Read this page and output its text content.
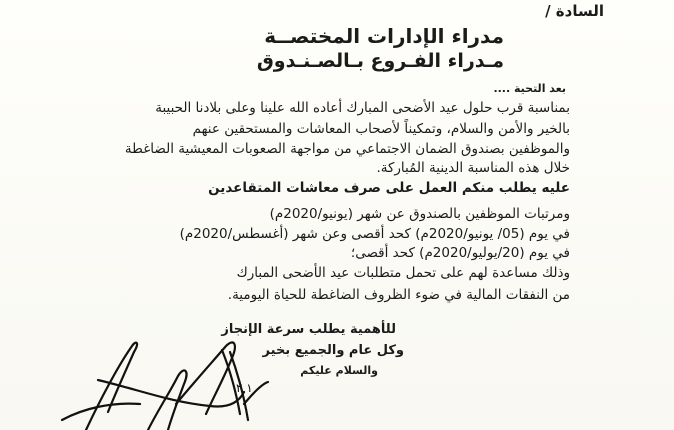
السادة /
مدراء الإدارات المختصــة
مـدراء الفـروع بـالصـنـدوق
بعد التحية ....
بمناسبة قرب حلول عيد الأضحى المبارك أعاده الله علينا وعلى بلادنا الحبيبة
بالخير والأمن والسلام، وتمكيناً لأصحاب المعاشات والمستحقين عنهم
والموظفين بصندوق الضمان الاجتماعي من مواجهة الصعوبات المعيشية الضاغطة
خلال هذه المناسبة الدينية المُباركة.
عليه يطلب منكم العمل على صرف معاشات المتقاعدين
ومرتبات الموظفين بالصندوق عن شهر (يونيو/2020م)
في يوم (05/ يونيو/2020م) كحد أقصى وعن شهر (أغسطس/2020م)
في يوم (20/يوليو/2020م) كحد أقصى؛
وذلك مساعدة لهم على تحمل متطلبات عيد الأضحى المبارك
من النفقات المالية في ضوء الظروف الضاغطة للحياة اليومية.
للأهمية يطلب سرعة الإنجاز
وكل عام والجميع بخير
والسلام عليكم
١ ٢
